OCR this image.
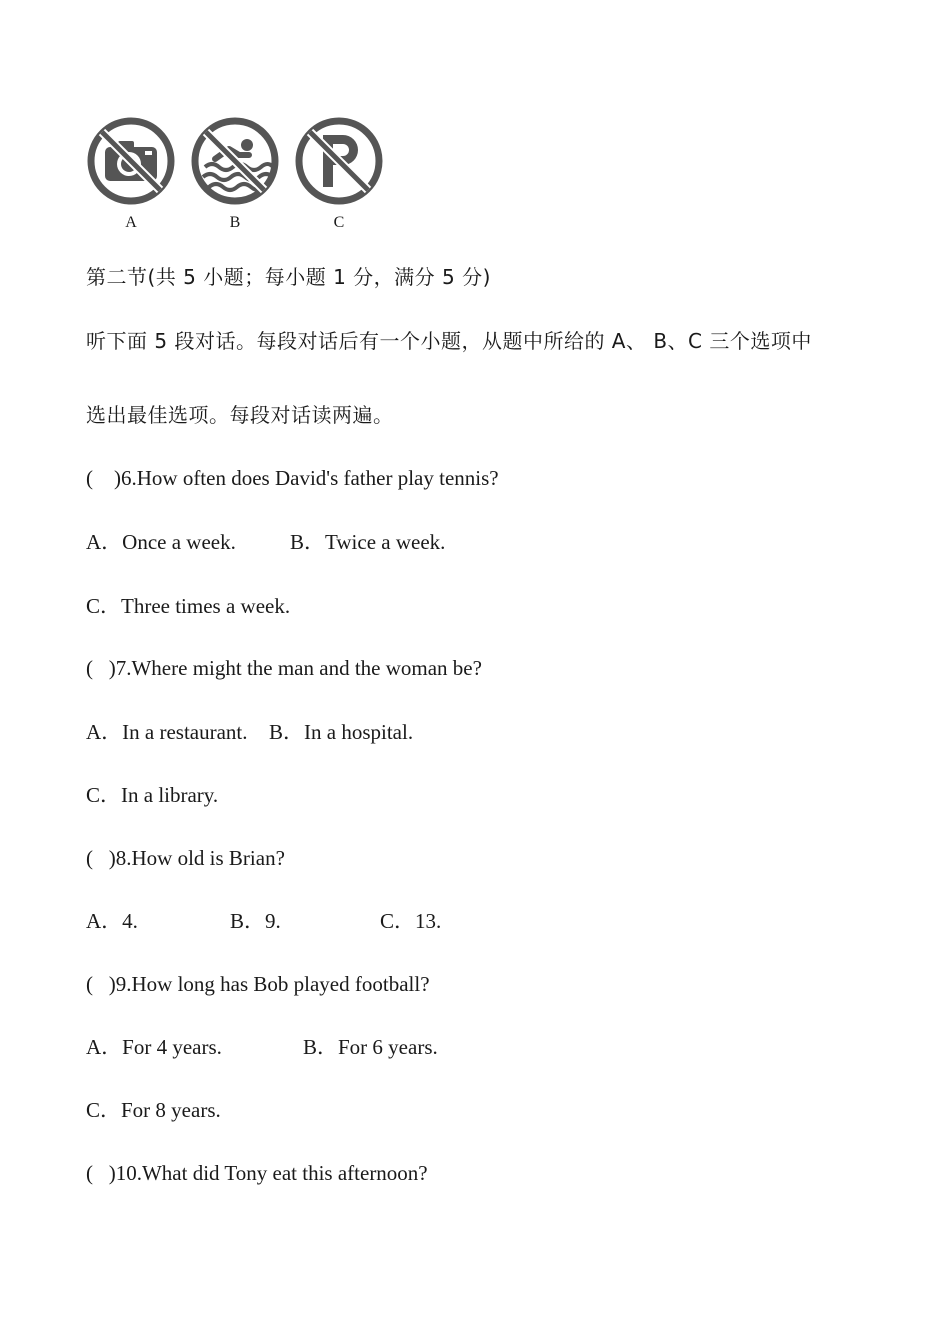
A	B	C
第二节(共 5 小题；每小题 1 分，满分 5 分)
听下面 5 段对话。每段对话后有一个小题，从题中所给的 A、 B、C 三个选项中
选出最佳选项。每段对话读两遍。
(    )6.How often does David's father play tennis?
A．Once a week.	B．Twice a week.
C．Three times a week.
(   )7.Where might the man and the woman be?
A．In a restaurant. B．In a hospital.
C．In a library.
(   )8.How old is Brian?
A．4.	B．9.	C．13.
(   )9.How long has Bob played football?
A．For 4 years.	B．For 6 years.
C．For 8 years.
(   )10.What did Tony eat this afternoon?
